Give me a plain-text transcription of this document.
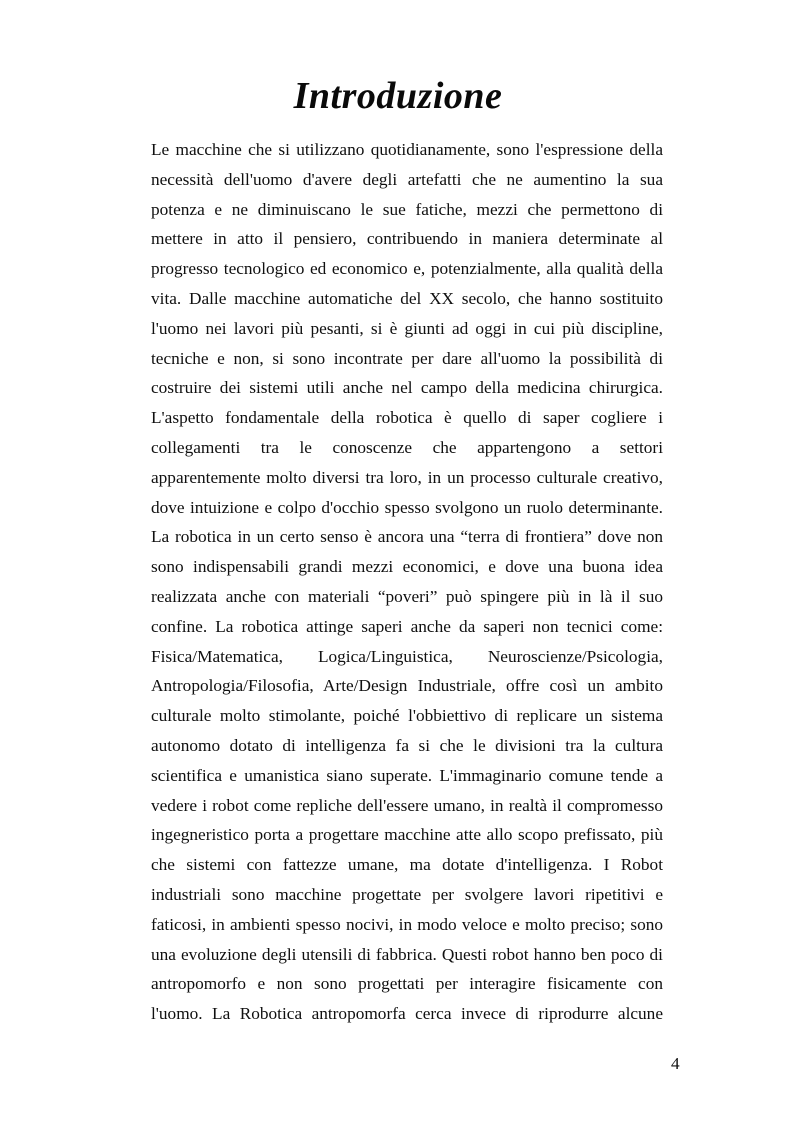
Introduzione
Le macchine che si utilizzano quotidianamente, sono l'espressione della
necessità dell'uomo d'avere degli artefatti che ne aumentino la sua
potenza e ne diminuiscano le sue fatiche, mezzi che permettono di
mettere in atto il pensiero, contribuendo in maniera determinate al
progresso tecnologico ed economico e, potenzialmente, alla qualità della
vita. Dalle macchine automatiche del XX secolo, che hanno sostituito
l'uomo nei lavori più pesanti, si è giunti ad oggi in cui più discipline,
tecniche e non, si sono incontrate per dare all'uomo la possibilità di
costruire dei sistemi utili anche nel campo della medicina chirurgica.
L'aspetto fondamentale della robotica è quello di saper cogliere i
collegamenti tra le conoscenze che appartengono a settori
apparentemente molto diversi tra loro, in un processo culturale creativo,
dove intuizione e colpo d'occhio spesso svolgono un ruolo determinante.
La robotica in un certo senso è ancora una “terra di frontiera” dove non
sono indispensabili grandi mezzi economici, e dove una buona idea
realizzata anche con materiali “poveri” può spingere più in là il suo
confine. La robotica attinge saperi anche da saperi non tecnici come:
Fisica/Matematica, Logica/Linguistica, Neuroscienze/Psicologia,
Antropologia/Filosofia, Arte/Design Industriale, offre così un ambito
culturale molto stimolante, poiché l'obbiettivo di replicare un sistema
autonomo dotato di intelligenza fa si che le divisioni tra la cultura
scientifica e umanistica siano superate. L'immaginario comune tende a
vedere i robot come repliche dell'essere umano, in realtà il compromesso
ingegneristico porta a progettare macchine atte allo scopo prefissato, più
che sistemi con fattezze umane, ma dotate d'intelligenza. I Robot
industriali sono macchine progettate per svolgere lavori ripetitivi e
faticosi, in ambienti spesso nocivi, in modo veloce e molto preciso; sono
una evoluzione degli utensili di fabbrica. Questi robot hanno ben poco di
antropomorfo e non sono progettati per interagire fisicamente con
l'uomo. La Robotica antropomorfa cerca invece di riprodurre alcune
4
